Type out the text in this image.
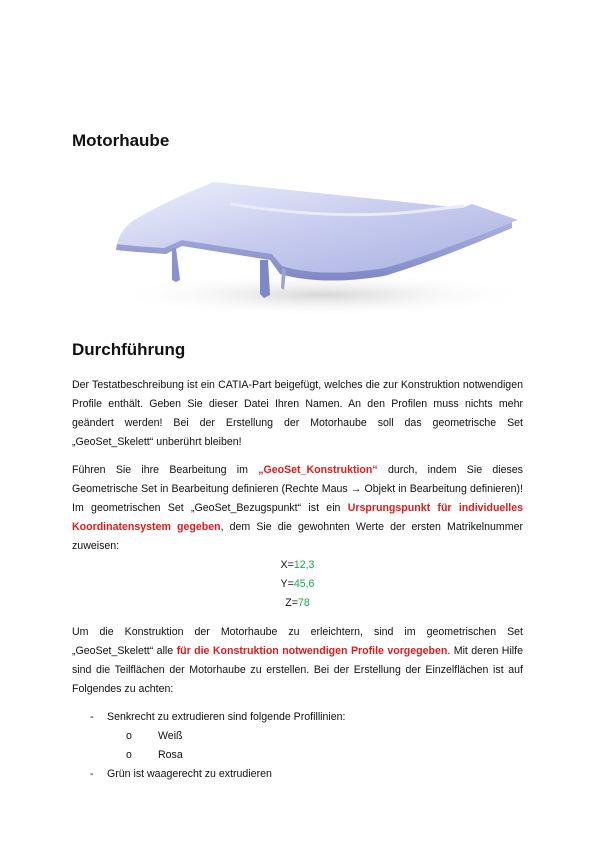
Motorhaube
Durchführung

Der Testatbeschreibung ist ein CATIA-Part beigefügt, welches die zur Konstruktion notwendigen Profile enthält. Geben Sie dieser Datei Ihren Namen. An den Profilen muss nichts mehr geändert werden! Bei der Erstellung der Motorhaube soll das geometrische Set „GeoSet_Skelett“ unberührt bleiben!

Führen Sie ihre Bearbeitung im „GeoSet_Konstruktion“ durch, indem Sie dieses Geometrische Set in Bearbeitung definieren (Rechte Maus → Objekt in Bearbeitung definieren)! Im geometrischen Set „GeoSet_Bezugspunkt“ ist ein Ursprungspunkt für individuelles Koordinatensystem gegeben, dem Sie die gewohnten Werte der ersten Matrikelnummer zuweisen:

X=12,3
Y=45,6
Z=78

Um die Konstruktion der Motorhaube zu erleichtern, sind im geometrischen Set „GeoSet_Skelett“ alle für die Konstruktion notwendigen Profile vorgegeben. Mit deren Hilfe sind die Teilflächen der Motorhaube zu erstellen. Bei der Erstellung der Einzelflächen ist auf Folgendes zu achten:

- Senkrecht zu extrudieren sind folgende Profillinien:
o Weiß
o Rosa
- Grün ist waagerecht zu extrudieren
